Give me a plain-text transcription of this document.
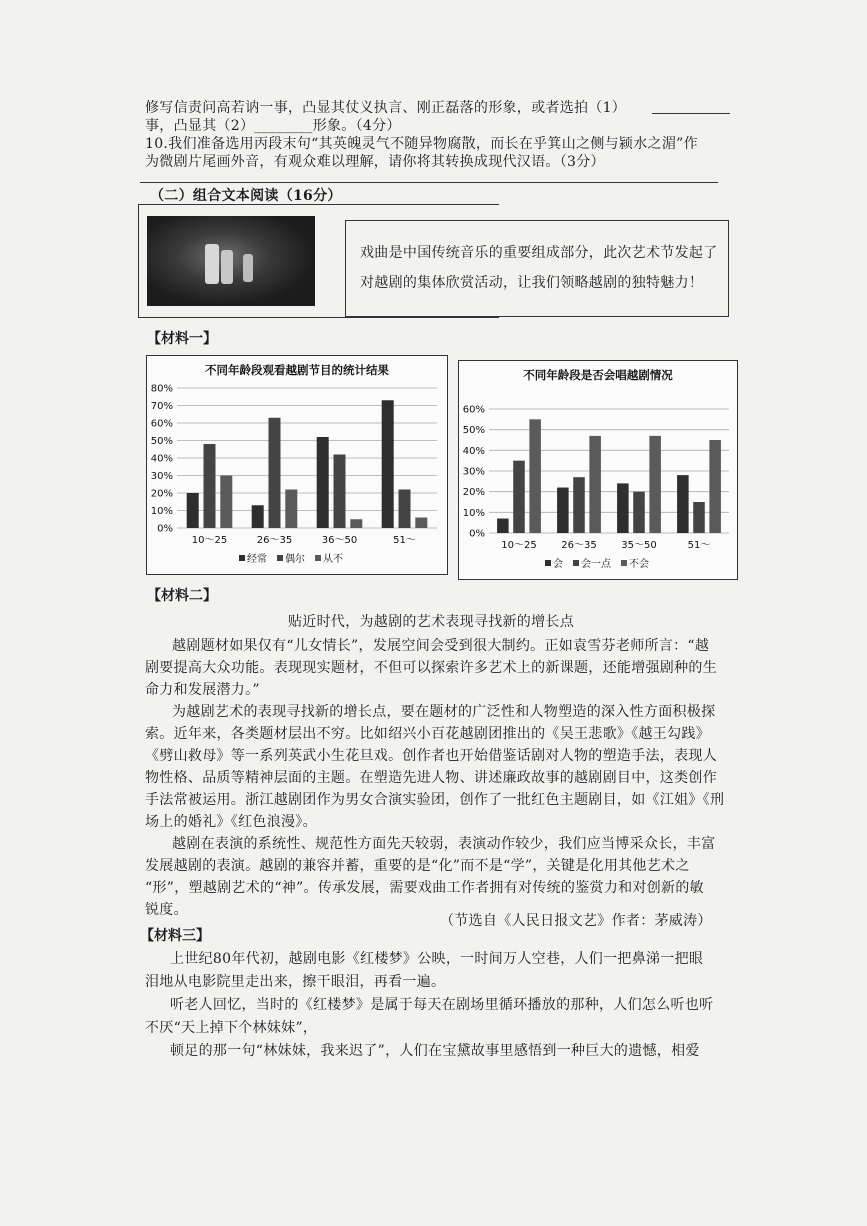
修写信责问高若讷一事，凸显其仗义执言、刚正磊落的形象，或者选拍（1）
事，凸显其（2）________形象。（4分）
10.我们准备选用丙段末句“其英魄灵气不随异物腐散，而长在乎箕山之侧与颍水之湄”作
为微剧片尾画外音，有观众难以理解，请你将其转换成现代汉语。（3分）
（二）组合文本阅读（16分）
戏曲是中国传统音乐的重要组成部分，此次艺术节发起了
对越剧的集体欣赏活动，让我们领略越剧的独特魅力！
【材料一】
不同年龄段观看越剧节目的统计结果
0%
10%
20%
30%
40%
50%
60%
70%
80%
10～25	26～35	36～50	51～
经常 偶尔 从不
不同年龄段是否会唱越剧情况
0%
10%
20%
30%
40%
50%
60%
10～25 26～35 35～50	51～
会 会一点 不会
【材料二】
贴近时代，为越剧的艺术表现寻找新的增长点
越剧题材如果仅有“儿女情长”，发展空间会受到很大制约。正如袁雪芬老师所言：“越
剧要提高大众功能。表现现实题材，不但可以探索许多艺术上的新课题，还能增强剧种的生
命力和发展潜力。”
为越剧艺术的表现寻找新的增长点，要在题材的广泛性和人物塑造的深入性方面积极探
索。近年来，各类题材层出不穷。比如绍兴小百花越剧团推出的《吴王悲歌》《越王勾践》
《劈山救母》等一系列英武小生花旦戏。创作者也开始借鉴话剧对人物的塑造手法，表现人
物性格、品质等精神层面的主题。在塑造先进人物、讲述廉政故事的越剧剧目中，这类创作
手法常被运用。浙江越剧团作为男女合演实验团，创作了一批红色主题剧目，如《江姐》《刑
场上的婚礼》《红色浪漫》。
越剧在表演的系统性、规范性方面先天较弱，表演动作较少，我们应当博采众长，丰富
发展越剧的表演。越剧的兼容并蓄，重要的是“化”而不是“学”，关键是化用其他艺术之
“形”，塑越剧艺术的“神”。传承发展，需要戏曲工作者拥有对传统的鉴赏力和对创新的敏
锐度。
（节选自《人民日报文艺》作者：茅威涛）
【材料三】
上世纪80年代初，越剧电影《红楼梦》公映，一时间万人空巷，人们一把鼻涕一把眼
泪地从电影院里走出来，擦干眼泪，再看一遍。
听老人回忆，当时的《红楼梦》是属于每天在剧场里循环播放的那种，人们怎么听也听
不厌“天上掉下个林妹妹”，
顿足的那一句“林妹妹，我来迟了”，人们在宝黛故事里感悟到一种巨大的遗憾，相爱
